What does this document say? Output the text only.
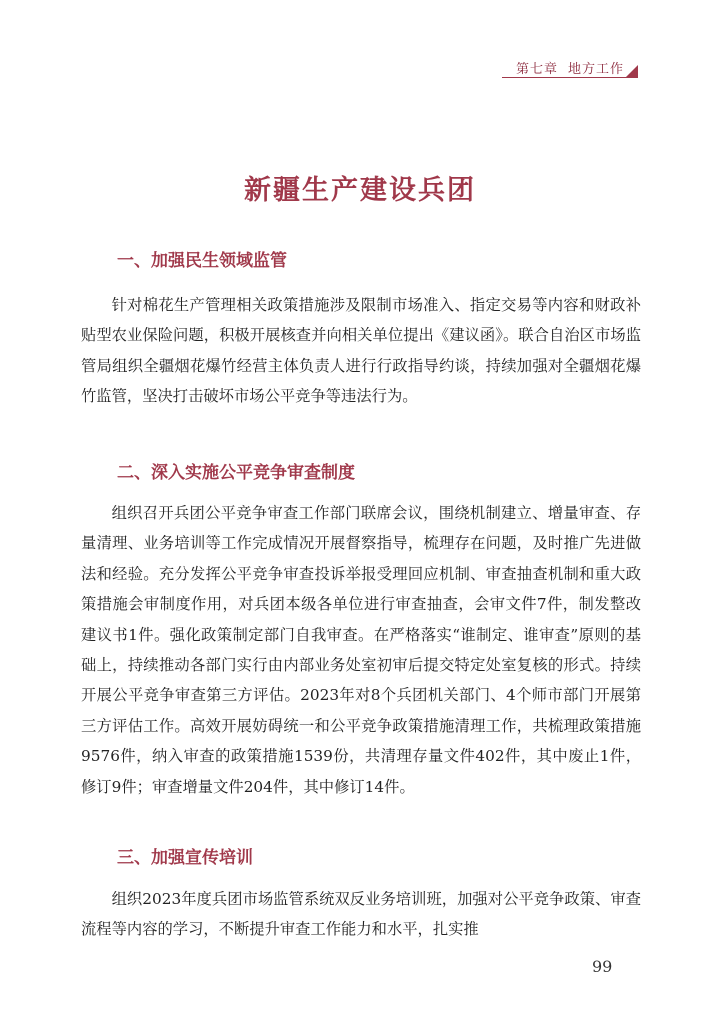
第七章 地方工作
新疆生产建设兵团
一、加强民生领域监管
针对棉花生产管理相关政策措施涉及限制市场准入、指定交易等内容和财政补贴型农业保险问题，积极开展核查并向相关单位提出《建议函》。联合自治区市场监管局组织全疆烟花爆竹经营主体负责人进行行政指导约谈，持续加强对全疆烟花爆竹监管，坚决打击破坏市场公平竞争等违法行为。
二、深入实施公平竞争审查制度
组织召开兵团公平竞争审查工作部门联席会议，围绕机制建立、增量审查、存量清理、业务培训等工作完成情况开展督察指导，梳理存在问题，及时推广先进做法和经验。充分发挥公平竞争审查投诉举报受理回应机制、审查抽查机制和重大政策措施会审制度作用，对兵团本级各单位进行审查抽查，会审文件7件，制发整改建议书1件。强化政策制定部门自我审查。在严格落实“谁制定、谁审查”原则的基础上，持续推动各部门实行由内部业务处室初审后提交特定处室复核的形式。持续开展公平竞争审查第三方评估。2023年对8个兵团机关部门、4个师市部门开展第三方评估工作。高效开展妨碍统一和公平竞争政策措施清理工作，共梳理政策措施9576件，纳入审查的政策措施1539份，共清理存量文件402件，其中废止1件，修订9件；审查增量文件204件，其中修订14件。
三、加强宣传培训
组织2023年度兵团市场监管系统双反业务培训班，加强对公平竞争政策、审查流程等内容的学习，不断提升审查工作能力和水平，扎实推
99
